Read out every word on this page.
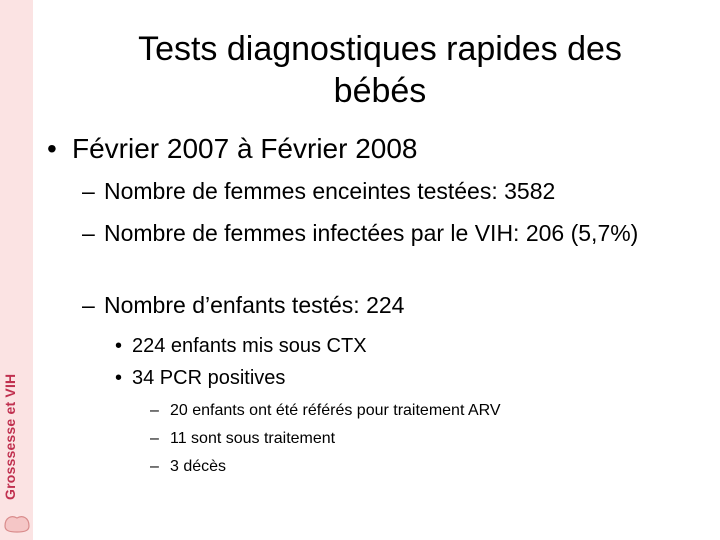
Grosssesse et VIH
Tests diagnostiques rapides des
bébés
• Février 2007 à Février 2008
– Nombre de femmes enceintes testées: 3582
– Nombre de femmes infectées par le VIH: 206 (5,7%)
– Nombre d’enfants testés: 224
• 224 enfants mis sous CTX
• 34 PCR positives
– 20 enfants ont été référés pour traitement ARV
– 11 sont sous traitement
– 3 décès
